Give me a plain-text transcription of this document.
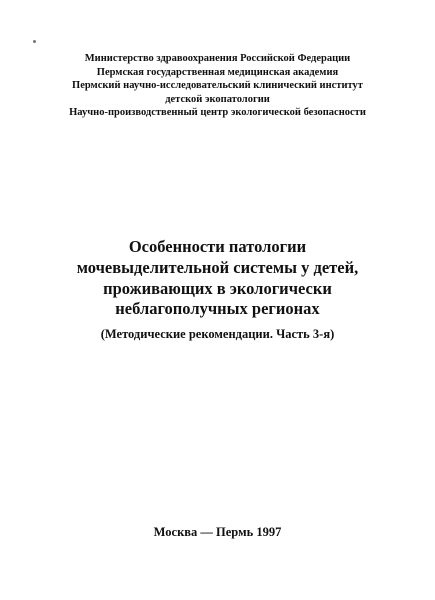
Министерство здравоохранения Российской Федерации
Пермская государственная медицинская академия
Пермский научно-исследовательский клинический институт
детской экопатологии
Научно-производственный центр экологической безопасности
Особенности патологии
мочевыделительной системы у детей,
проживающих в экологически
неблагополучных регионах
(Методические рекомендации. Часть 3-я)
Москва — Пермь 1997
